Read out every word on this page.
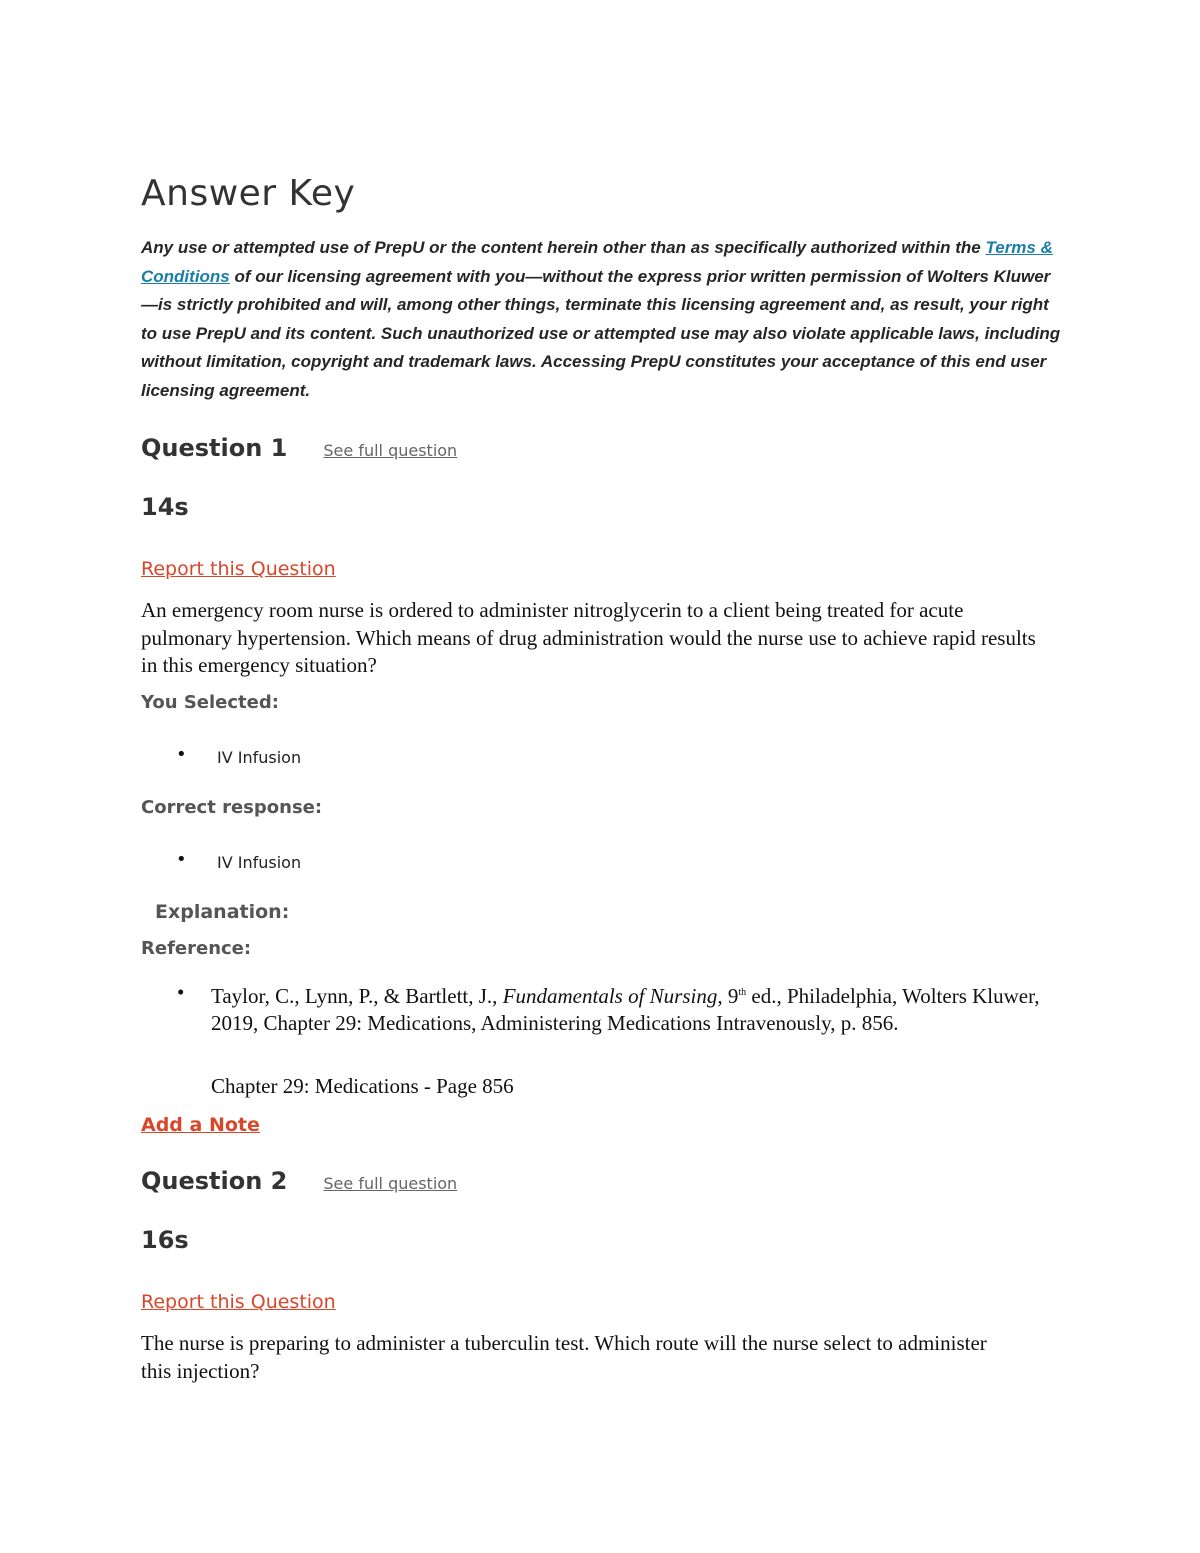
Answer Key

Any use or attempted use of PrepU or the content herein other than as specifically authorized within the Terms & Conditions of our licensing agreement with you—without the express prior written permission of Wolters Kluwer—is strictly prohibited and will, among other things, terminate this licensing agreement and, as result, your right to use PrepU and its content. Such unauthorized use or attempted use may also violate applicable laws, including without limitation, copyright and trademark laws. Accessing PrepU constitutes your acceptance of this end user licensing agreement.

Question 1 See full question
14s
Report this Question

An emergency room nurse is ordered to administer nitroglycerin to a client being treated for acute pulmonary hypertension. Which means of drug administration would the nurse use to achieve rapid results in this emergency situation?

You Selected:
• IV Infusion
Correct response:
• IV Infusion
Explanation:
Reference:
• Taylor, C., Lynn, P., & Bartlett, J., Fundamentals of Nursing, 9th ed., Philadelphia, Wolters Kluwer, 2019, Chapter 29: Medications, Administering Medications Intravenously, p. 856.
Chapter 29: Medications - Page 856
Add a Note
Question 2 See full question
16s
Report this Question

The nurse is preparing to administer a tuberculin test. Which route will the nurse select to administer this injection?
